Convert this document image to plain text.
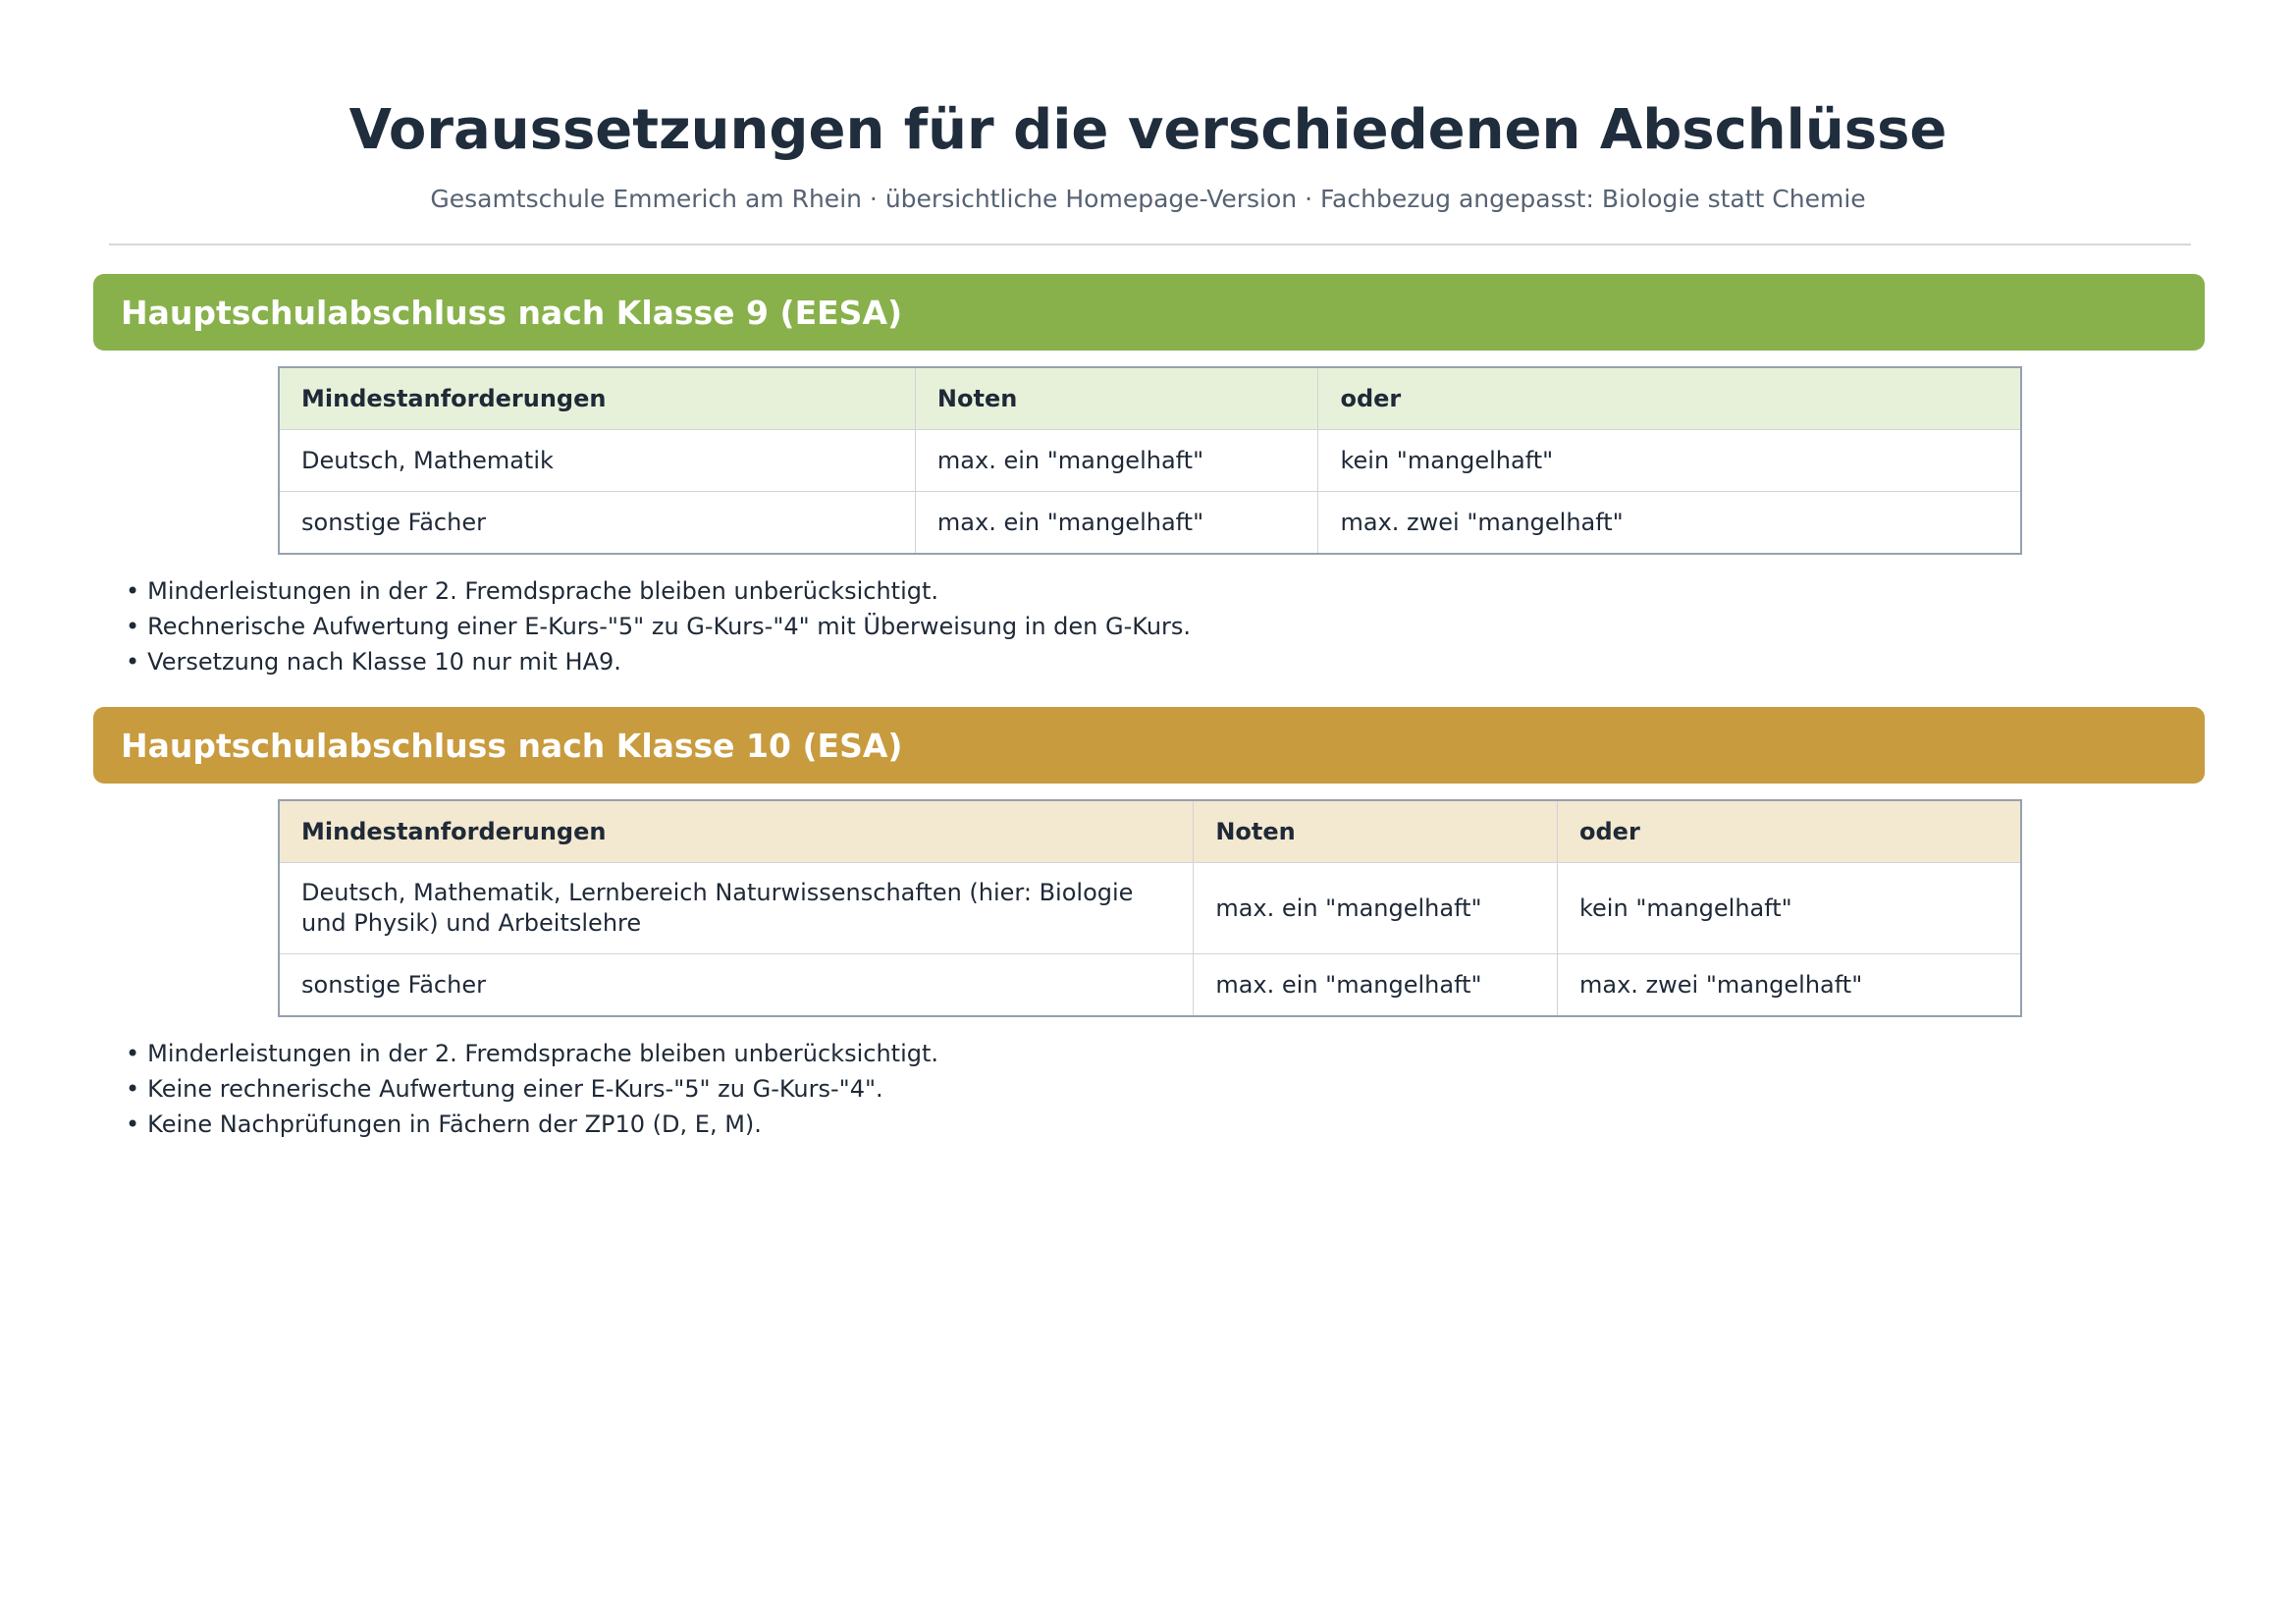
Voraussetzungen für die verschiedenen Abschlüsse
Gesamtschule Emmerich am Rhein · übersichtliche Homepage-Version · Fachbezug angepasst: Biologie statt Chemie
Hauptschulabschluss nach Klasse 9 (EESA)
Mindestanforderungen	Noten	oder
Deutsch, Mathematik	max. ein "mangelhaft"	kein "mangelhaft"
sonstige Fächer	max. ein "mangelhaft"	max. zwei "mangelhaft"
• Minderleistungen in der 2. Fremdsprache bleiben unberücksichtigt.
• Rechnerische Aufwertung einer E-Kurs-"5" zu G-Kurs-"4" mit Überweisung in den G-Kurs.
• Versetzung nach Klasse 10 nur mit HA9.
Hauptschulabschluss nach Klasse 10 (ESA)
Mindestanforderungen	Noten	oder
Deutsch, Mathematik, Lernbereich Naturwissenschaften (hier: Biologie und Physik) und Arbeitslehre	max. ein "mangelhaft"	kein "mangelhaft"
sonstige Fächer	max. ein "mangelhaft"	max. zwei "mangelhaft"
• Minderleistungen in der 2. Fremdsprache bleiben unberücksichtigt.
• Keine rechnerische Aufwertung einer E-Kurs-"5" zu G-Kurs-"4".
• Keine Nachprüfungen in Fächern der ZP10 (D, E, M).
